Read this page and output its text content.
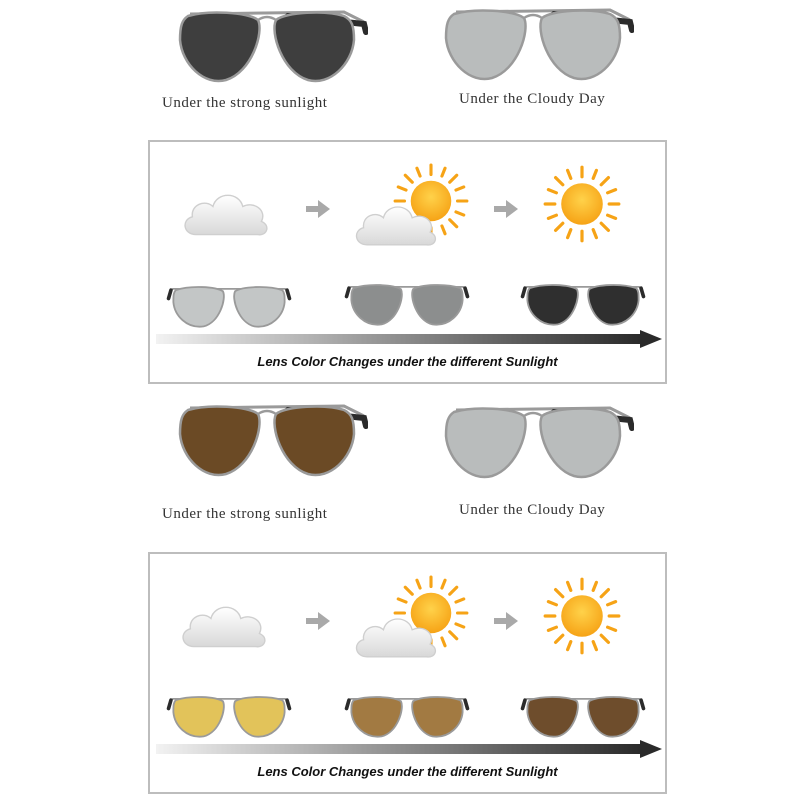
Under the strong sunlight	Under the Cloudy Day
Lens Color Changes under the different Sunlight
Under the strong sunlight	Under the Cloudy Day
Lens Color Changes under the different Sunlight
